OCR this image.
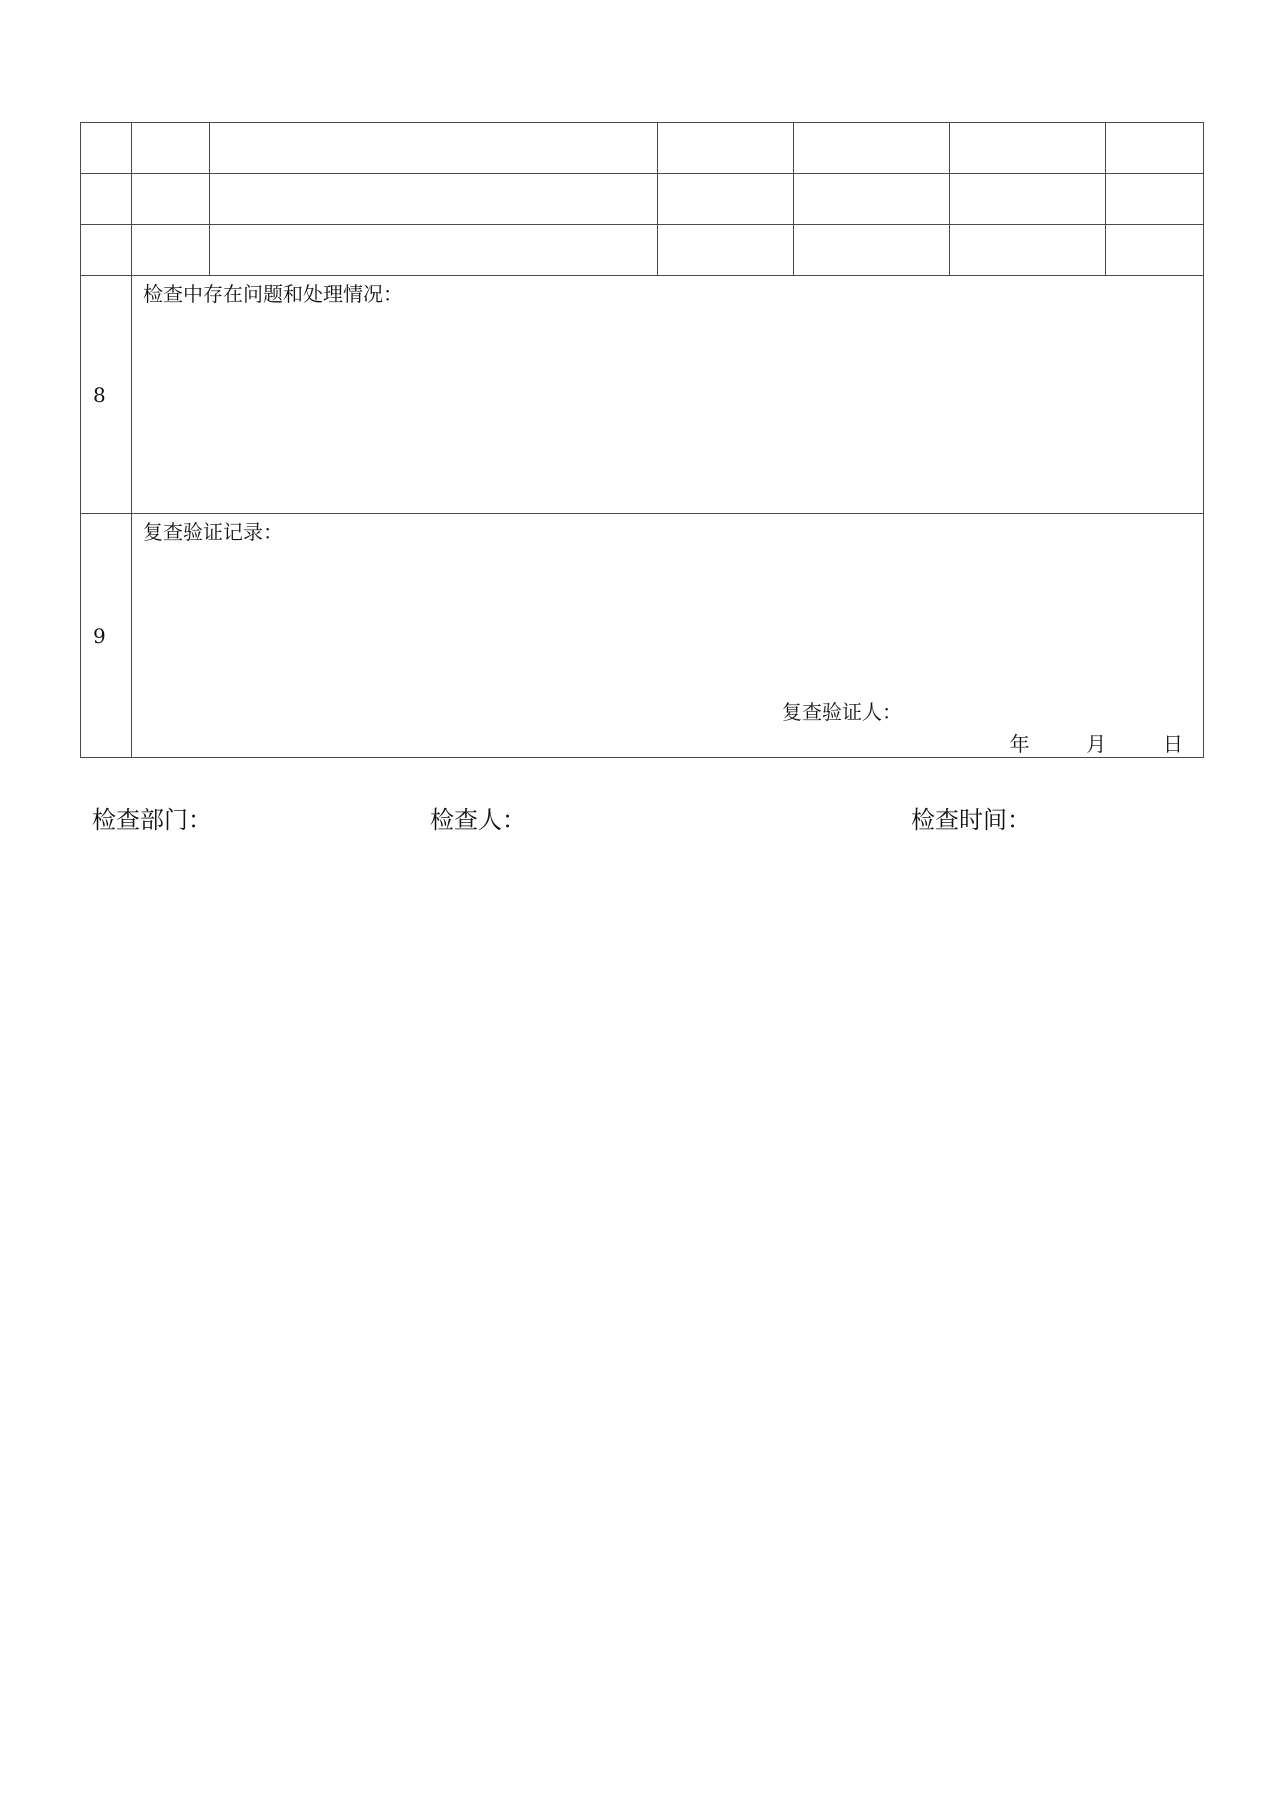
8	检查中存在问题和处理情况：					

9	复查验证记录：
复查验证人：
年 月 日					
检查部门：	检查人：	检查时间：
